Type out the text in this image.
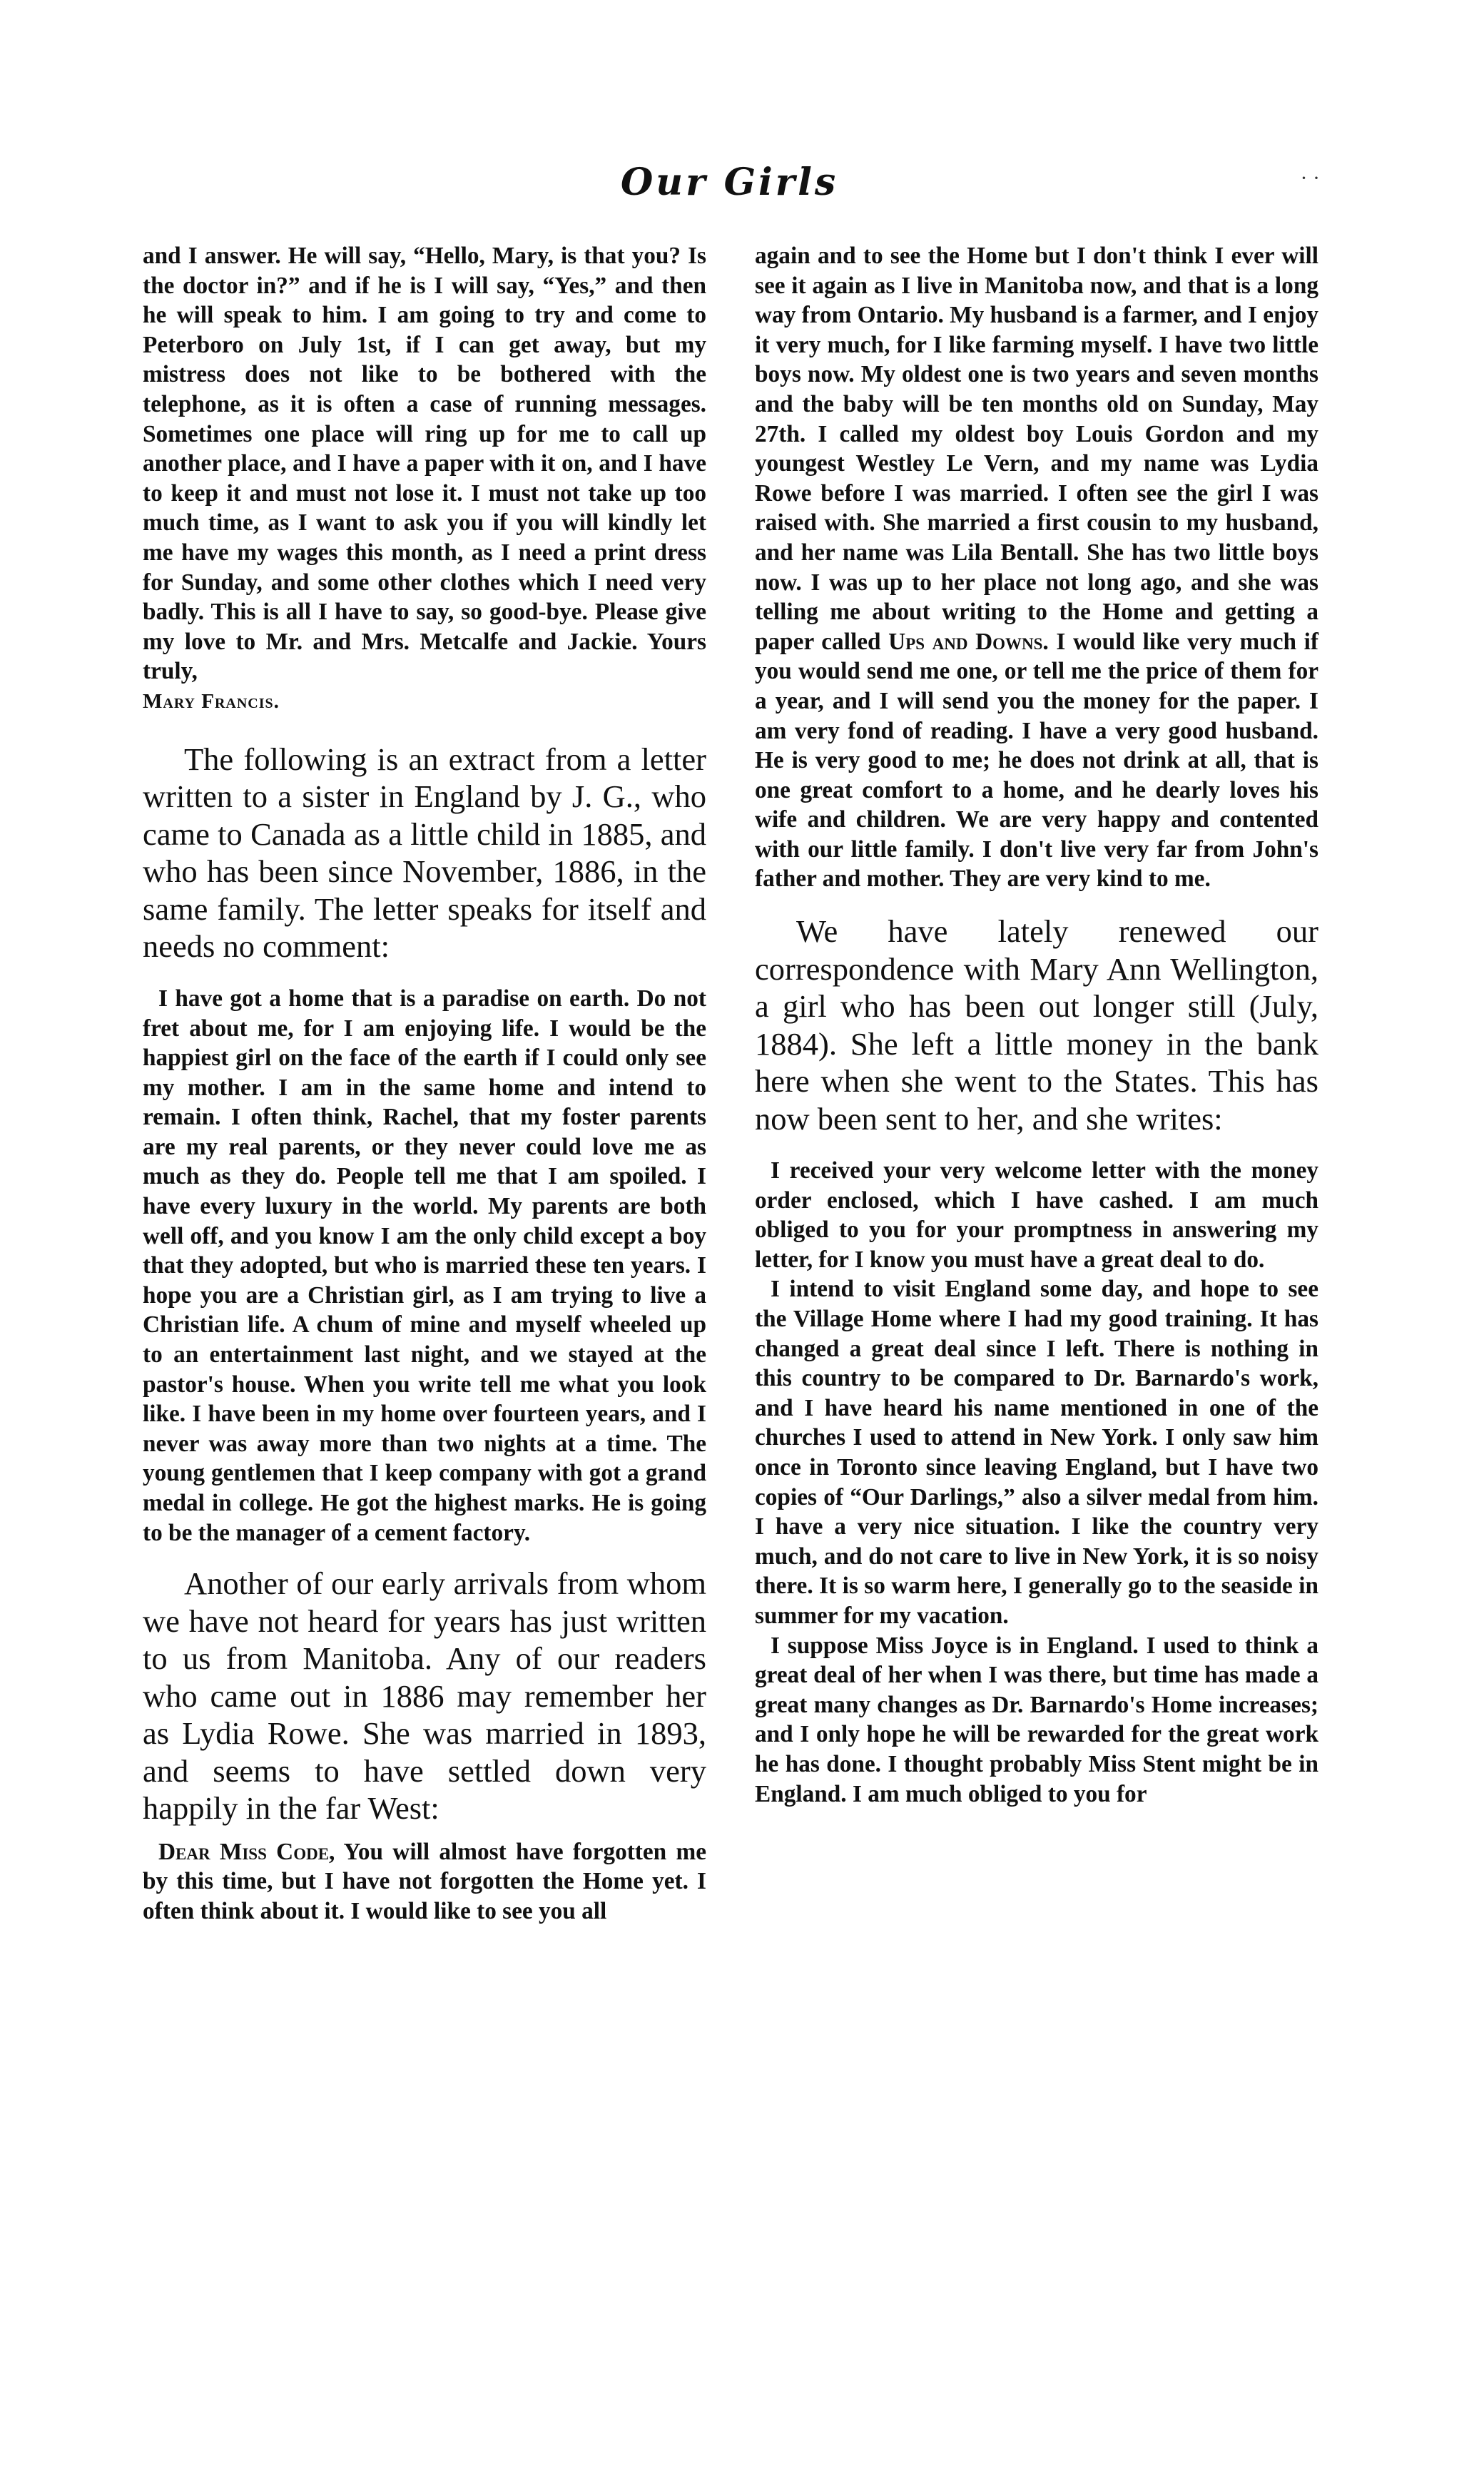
Our Girls	· ·

and I answer. He will say, “Hello, Mary, is that you? Is the doctor in?” and if he is I will say, “Yes,” and then he will speak to him. I am going to try and come to Peterboro on July 1st, if I can get away, but my mistress does not like to be bothered with the telephone, as it is often a case of running messages. Sometimes one place will ring up for me to call up another place, and I have a paper with it on, and I have to keep it and must not lose it. I must not take up too much time, as I want to ask you if you will kindly let me have my wages this month, as I need a print dress for Sunday, and some other clothes which I need very badly. This is all I have to say, so good-bye. Please give my love to Mr. and Mrs. Metcalfe and Jackie. Yours truly,

Mary Francis.

The following is an extract from a letter written to a sister in England by J. G., who came to Canada as a little child in 1885, and who has been since November, 1886, in the same family. The letter speaks for itself and needs no comment:

I have got a home that is a paradise on earth. Do not fret about me, for I am enjoying life. I would be the happiest girl on the face of the earth if I could only see my mother. I am in the same home and intend to remain. I often think, Rachel, that my foster parents are my real parents, or they never could love me as much as they do. People tell me that I am spoiled. I have every luxury in the world. My parents are both well off, and you know I am the only child except a boy that they adopted, but who is married these ten years. I hope you are a Christian girl, as I am trying to live a Christian life. A chum of mine and myself wheeled up to an entertainment last night, and we stayed at the pastor's house. When you write tell me what you look like. I have been in my home over fourteen years, and I never was away more than two nights at a time. The young gentlemen that I keep company with got a grand medal in college. He got the highest marks. He is going to be the manager of a cement factory.

Another of our early arrivals from whom we have not heard for years has just written to us from Manitoba. Any of our readers who came out in 1886 may remember her as Lydia Rowe. She was married in 1893, and seems to have settled down very happily in the far West:

Dear Miss Code, You will almost have forgotten me by this time, but I have not forgotten the Home yet. I often think about it. I would like to see you all

again and to see the Home but I don't think I ever will see it again as I live in Manitoba now, and that is a long way from Ontario. My husband is a farmer, and I enjoy it very much, for I like farming myself. I have two little boys now. My oldest one is two years and seven months and the baby will be ten months old on Sunday, May 27th. I called my oldest boy Louis Gordon and my youngest Westley Le Vern, and my name was Lydia Rowe before I was married. I often see the girl I was raised with. She married a first cousin to my husband, and her name was Lila Bentall. She has two little boys now. I was up to her place not long ago, and she was telling me about writing to the Home and getting a paper called Ups and Downs. I would like very much if you would send me one, or tell me the price of them for a year, and I will send you the money for the paper. I am very fond of reading. I have a very good husband. He is very good to me; he does not drink at all, that is one great comfort to a home, and he dearly loves his wife and children. We are very happy and contented with our little family. I don't live very far from John's father and mother. They are very kind to me.

We have lately renewed our correspondence with Mary Ann Wellington, a girl who has been out longer still (July, 1884). She left a little money in the bank here when she went to the States. This has now been sent to her, and she writes:

I received your very welcome letter with the money order enclosed, which I have cashed. I am much obliged to you for your promptness in answering my letter, for I know you must have a great deal to do.

I intend to visit England some day, and hope to see the Village Home where I had my good training. It has changed a great deal since I left. There is nothing in this country to be compared to Dr. Barnardo's work, and I have heard his name mentioned in one of the churches I used to attend in New York. I only saw him once in Toronto since leaving England, but I have two copies of “Our Darlings,” also a silver medal from him. I have a very nice situation. I like the country very much, and do not care to live in New York, it is so noisy there. It is so warm here, I generally go to the seaside in summer for my vacation.

I suppose Miss Joyce is in England. I used to think a great deal of her when I was there, but time has made a great many changes as Dr. Barnardo's Home increases; and I only hope he will be rewarded for the great work he has done. I thought probably Miss Stent might be in England. I am much obliged to you for
